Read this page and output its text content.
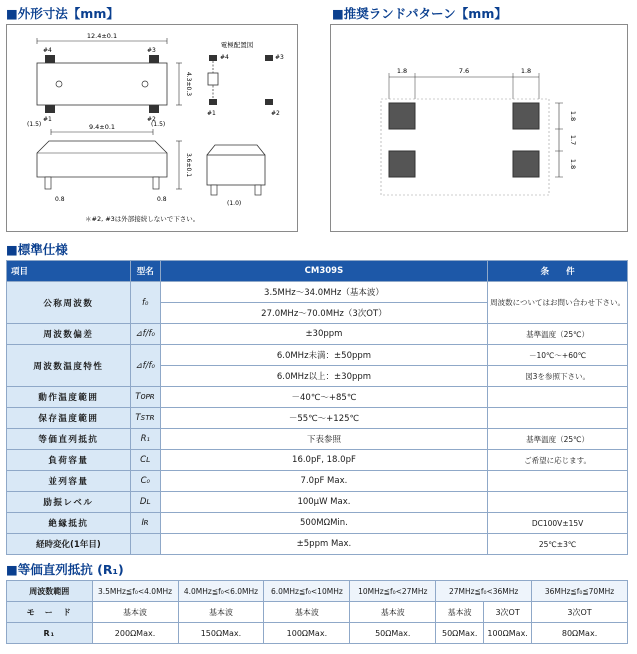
■外形寸法【mm】	■推奨ランドパターン【mm】
12.4±0.1
#4	#3
#1	#2
4.3±0.3
電極配置図
#4	#3
#1	#2
(1.5)	(1.5)
9.4±0.1
3.6±0.1
0.8	0.8
(1.0)
＊#2, #3は外部接続しないで下さい。
1.8	7.6	1.8
1.8
1.7
1.8
■標準仕様
項目	型名	CM309S	条　　件
公称周波数	f₀	3.5MHz～34.0MHz（基本波）	周波数についてはお問い合わせ下さい。
		27.0MHz～70.0MHz（3次OT）	
周波数偏差	⊿f/f₀	±30ppm	基準温度（25℃）
周波数温度特性	⊿f/f₀	6.0MHz未満：±50ppm	－10℃～+60℃
		6.0MHz以上：±30ppm	図3を参照下さい。
動作温度範囲	Tᴏᴘʀ	－40℃～+85℃	
保存温度範囲	Tꜱᴛʀ	－55℃～+125℃	
等価直列抵抗	R₁	下表参照	基準温度（25℃）
負荷容量	Cʟ	16.0pF, 18.0pF	ご希望に応じます。
並列容量	C₀	7.0pF Max.	
励振レベル	Dʟ	100μW Max.	
絶縁抵抗	Iʀ	500MΩMin.	DC100V±15V
経時変化(1年目)		±5ppm Max.	25℃±3℃
■等価直列抵抗 (R₁)
周波数範囲	3.5MHz≦f₀<4.0MHz	4.0MHz≦f₀<6.0MHz	6.0MHz≦f₀<10MHz	10MHz≦f₀<27MHz	27MHz≦f₀<36MHz		36MHz≦f₀≦70MHz
モ　ー　ド	基本波	基本波	基本波	基本波	基本波	3次OT	3次OT
R₁	200ΩMax.	150ΩMax.	100ΩMax.	50ΩMax.	50ΩMax.	100ΩMax.	80ΩMax.
